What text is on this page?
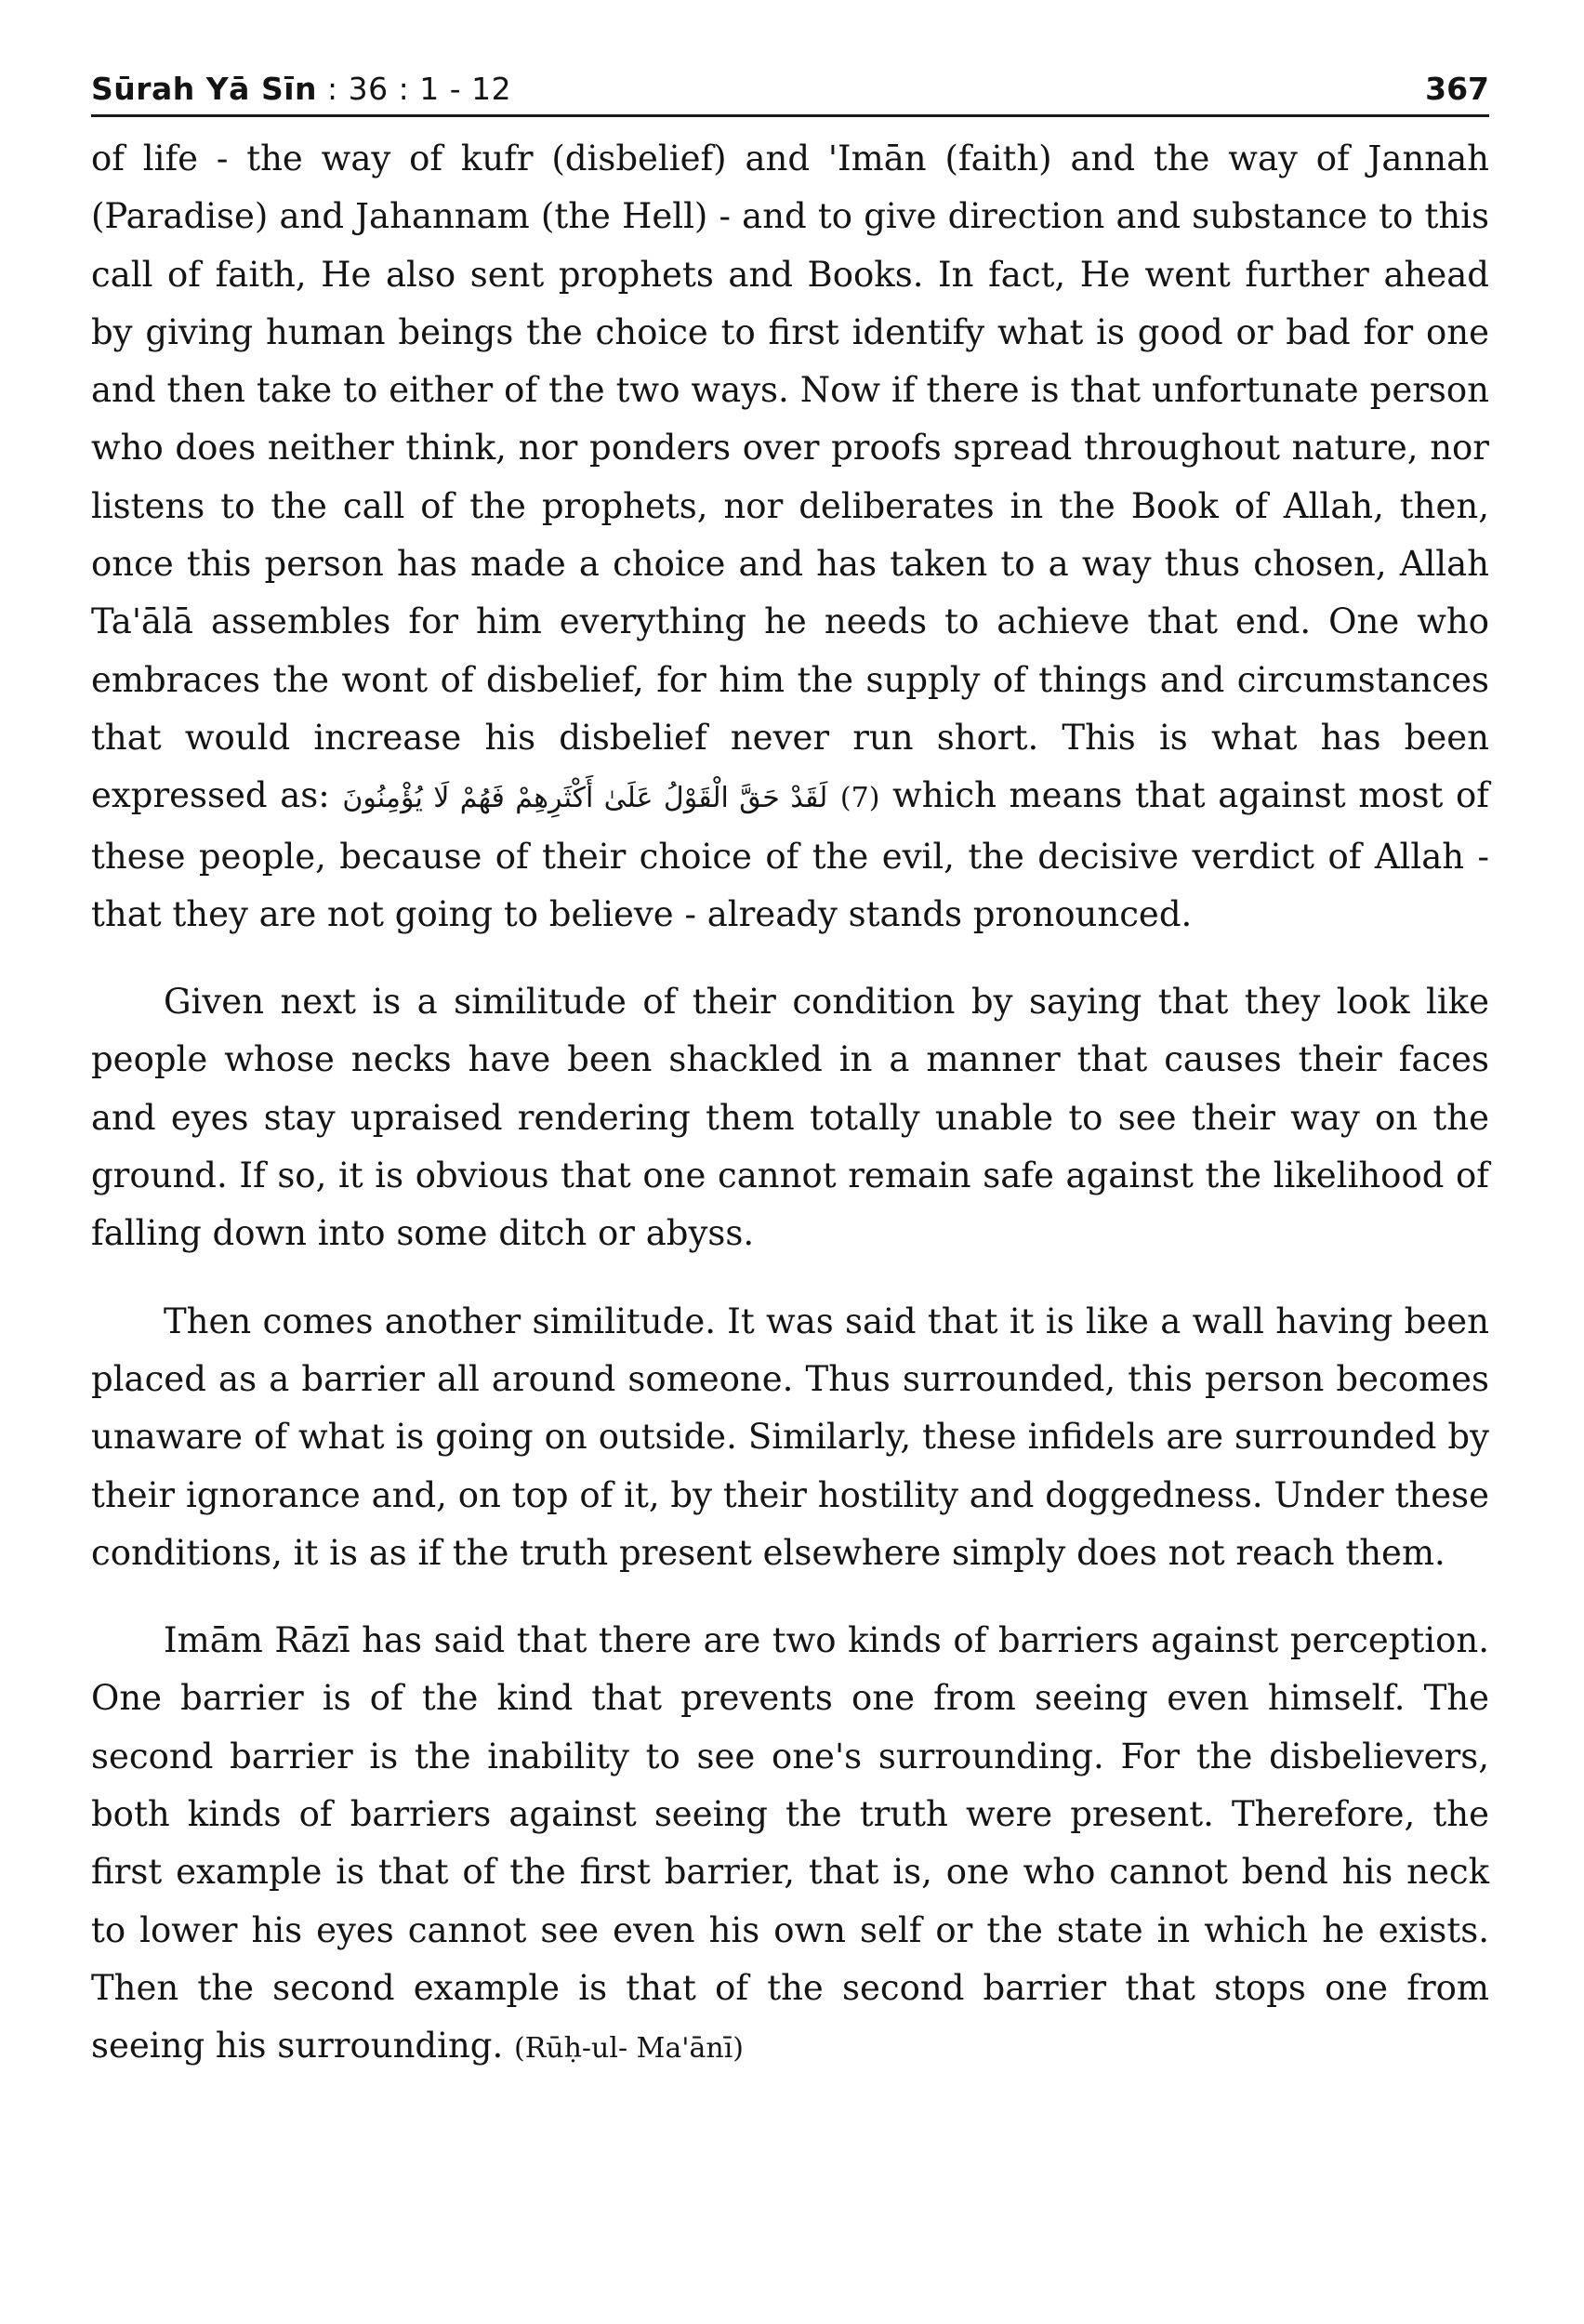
Sūrah Yā Sīn : 36 : 1 - 12	367

of life - the way of kufr (disbelief) and 'Imān (faith) and the way of Jannah (Paradise) and Jahannam (the Hell) - and to give direction and substance to this call of faith, He also sent prophets and Books. In fact, He went further ahead by giving human beings the choice to first identify what is good or bad for one and then take to either of the two ways. Now if there is that unfortunate person who does neither think, nor ponders over proofs spread throughout nature, nor listens to the call of the prophets, nor deliberates in the Book of Allah, then, once this person has made a choice and has taken to a way thus chosen, Allah Ta'ālā assembles for him everything he needs to achieve that end. One who embraces the wont of disbelief, for him the supply of things and circumstances that would increase his disbelief never run short. This is what has been expressed as: لَقَدْ حَقَّ الْقَوْلُ عَلَىٰ أَكْثَرِهِمْ فَهُمْ لَا يُؤْمِنُونَ (7) which means that against most of these people, because of their choice of the evil, the decisive verdict of Allah - that they are not going to believe - already stands pronounced.

Given next is a similitude of their condition by saying that they look like people whose necks have been shackled in a manner that causes their faces and eyes stay upraised rendering them totally unable to see their way on the ground. If so, it is obvious that one cannot remain safe against the likelihood of falling down into some ditch or abyss.

Then comes another similitude. It was said that it is like a wall having been placed as a barrier all around someone. Thus surrounded, this person becomes unaware of what is going on outside. Similarly, these infidels are surrounded by their ignorance and, on top of it, by their hostility and doggedness. Under these conditions, it is as if the truth present elsewhere simply does not reach them.

Imām Rāzī has said that there are two kinds of barriers against perception. One barrier is of the kind that prevents one from seeing even himself. The second barrier is the inability to see one's surrounding. For the disbelievers, both kinds of barriers against seeing the truth were present. Therefore, the first example is that of the first barrier, that is, one who cannot bend his neck to lower his eyes cannot see even his own self or the state in which he exists. Then the second example is that of the second barrier that stops one from seeing his surrounding. (Rūḥ-ul- Ma'ānī)
